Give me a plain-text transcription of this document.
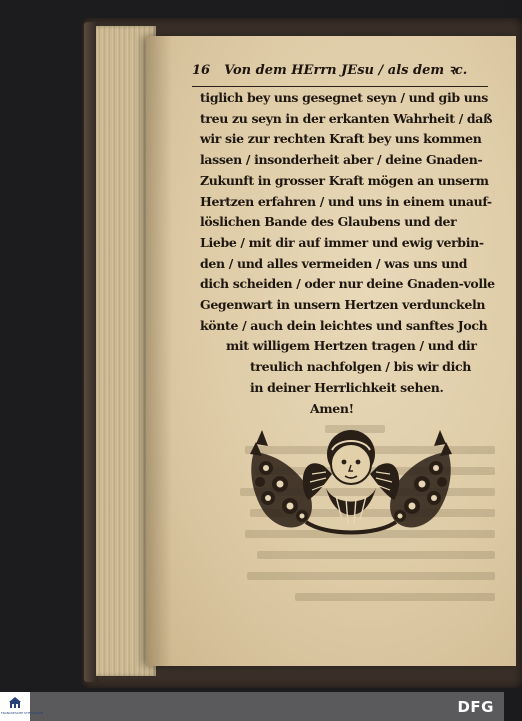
16 Von dem HErrn JEsu / als dem ꝛc.
tiglich bey uns gesegnet seyn / und gib uns
treu zu seyn in der erkanten Wahrheit / daß
wir sie zur rechten Kraft bey uns kommen
lassen / insonderheit aber / deine Gnaden-
Zukunft in grosser Kraft mögen an unserm
Hertzen erfahren / und uns in einem unauf-
löslichen Bande des Glaubens und der
Liebe / mit dir auf immer und ewig verbin-
den / und alles vermeiden / was uns und
dich scheiden / oder nur deine Gnaden-volle
Gegenwart in unsern Hertzen verdunckeln
könte / auch dein leichtes und sanftes Joch
mit willigem Hertzen tragen / und dir
treulich nachfolgen / bis wir dich
in deiner Herrlichkeit sehen.
Amen!
FRANCKESCHE STIFTUNGEN	DFG
